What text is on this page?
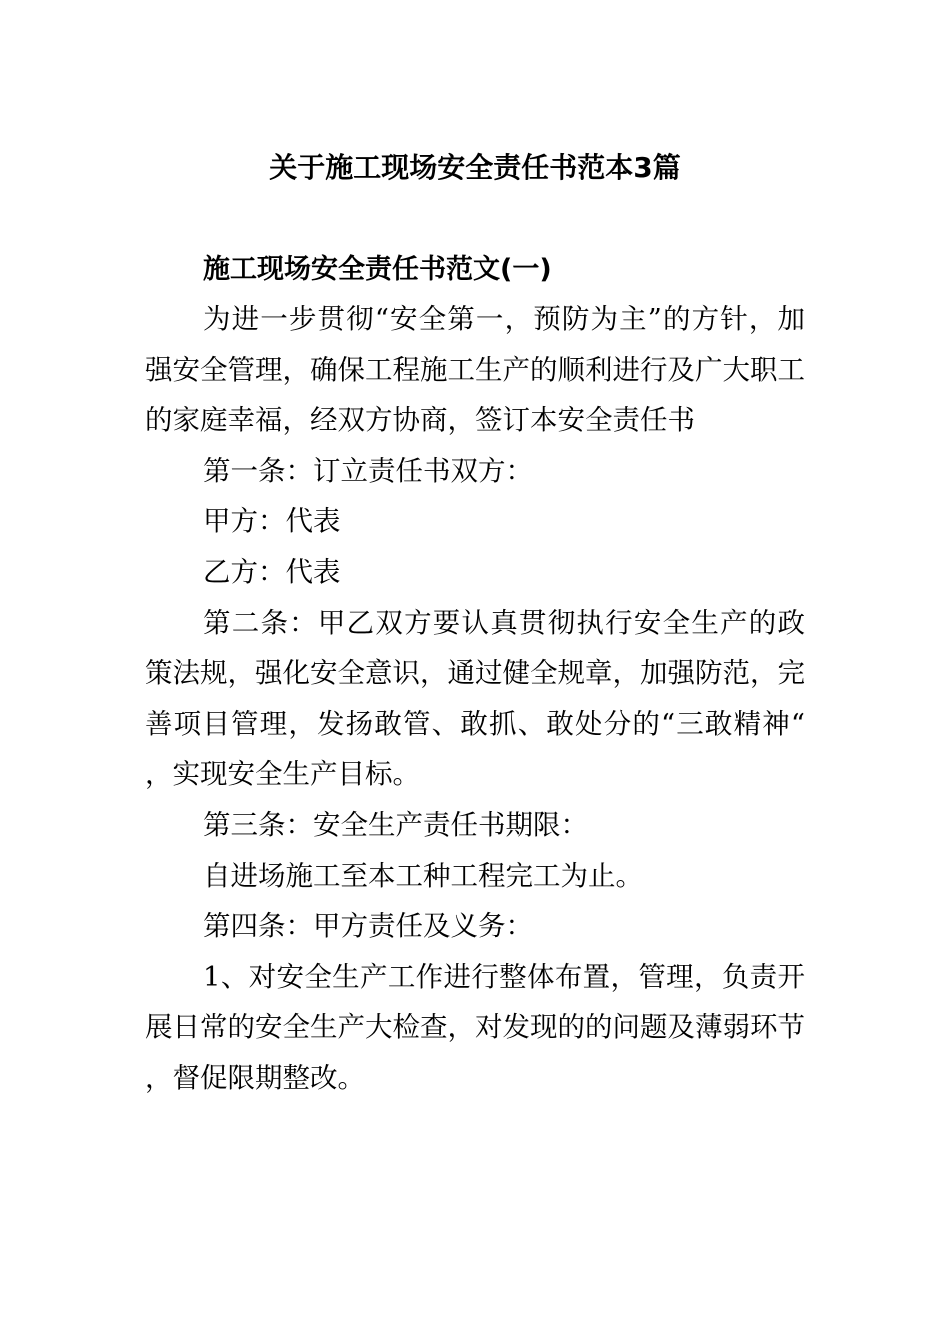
关于施工现场安全责任书范本3篇
施工现场安全责任书范文(一)

为进一步贯彻“安全第一，预防为主”的方针，加强安全管理，确保工程施工生产的顺利进行及广大职工的家庭幸福，经双方协商，签订本安全责任书

第一条：订立责任书双方：

甲方：代表

乙方：代表

第二条：甲乙双方要认真贯彻执行安全生产的政策法规，强化安全意识，通过健全规章，加强防范，完善项目管理，发扬敢管、敢抓、敢处分的“三敢精神“，实现安全生产目标。

第三条：安全生产责任书期限：

自进场施工至本工种工程完工为止。

第四条：甲方责任及义务：

1、对安全生产工作进行整体布置，管理，负责开展日常的安全生产大检查，对发现的的问题及薄弱环节，督促限期整改。
